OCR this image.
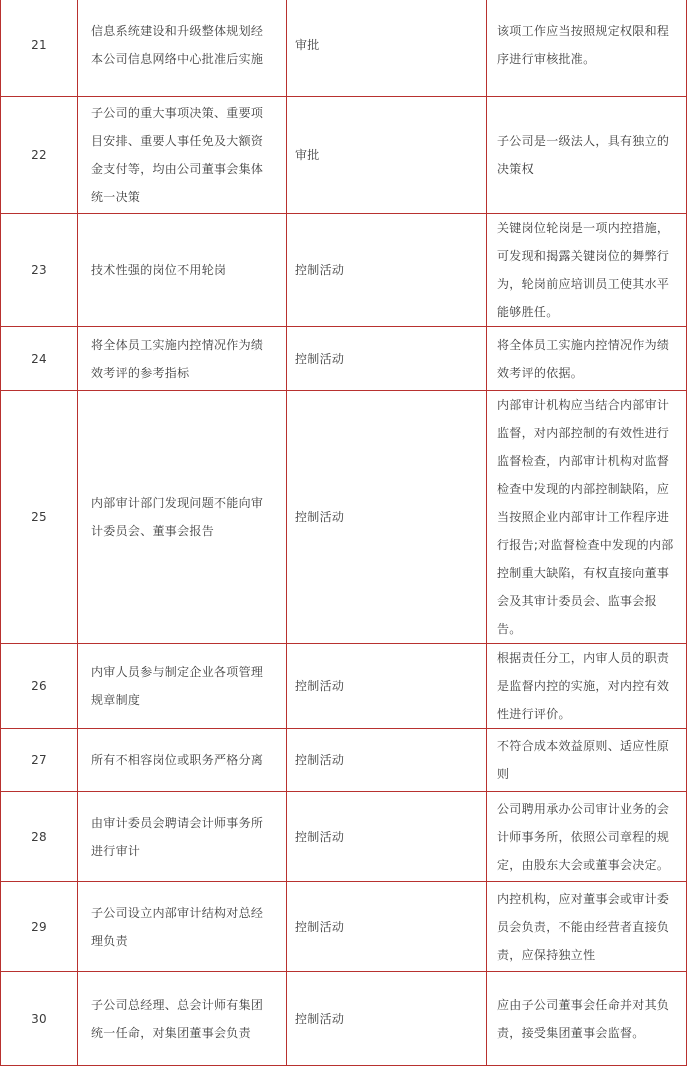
21	信息系统建设和升级整体规划经本公司信息网络中心批准后实施	审批	该项工作应当按照规定权限和程序进行审核批准。

22	子公司的重大事项决策、重要项目安排、重要人事任免及大额资金支付等，均由公司董事会集体统一决策	审批	子公司是一级法人，具有独立的决策权

23	技术性强的岗位不用轮岗	控制活动	关键岗位轮岗是一项内控措施，可发现和揭露关键岗位的舞弊行为，轮岗前应培训员工使其水平能够胜任。

24	将全体员工实施内控情况作为绩效考评的参考指标	控制活动	将全体员工实施内控情况作为绩效考评的依据。

25	内部审计部门发现问题不能向审计委员会、董事会报告	控制活动	内部审计机构应当结合内部审计监督，对内部控制的有效性进行监督检查，内部审计机构对监督检查中发现的内部控制缺陷，应当按照企业内部审计工作程序进行报告;对监督检查中发现的内部控制重大缺陷，有权直接向董事会及其审计委员会、监事会报告。

26	内审人员参与制定企业各项管理规章制度	控制活动	根据责任分工，内审人员的职责是监督内控的实施，对内控有效性进行评价。

27	所有不相容岗位或职务严格分离	控制活动	不符合成本效益原则、适应性原则

28	由审计委员会聘请会计师事务所进行审计	控制活动	公司聘用承办公司审计业务的会计师事务所，依照公司章程的规定，由股东大会或董事会决定。

29	子公司设立内部审计结构对总经理负责	控制活动	内控机构，应对董事会或审计委员会负责，不能由经营者直接负责，应保持独立性

30	子公司总经理、总会计师有集团统一任命，对集团董事会负责	控制活动	应由子公司董事会任命并对其负责，接受集团董事会监督。
